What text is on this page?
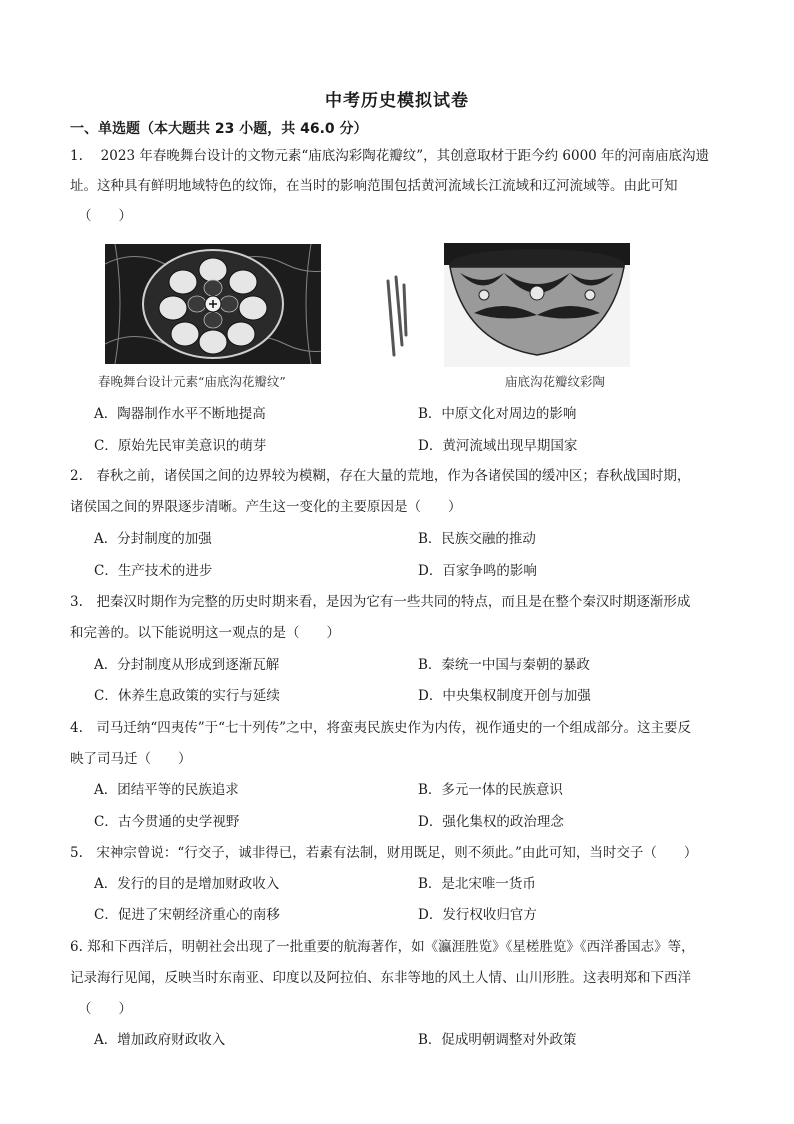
中考历史模拟试卷
一、单选题（本大题共 23 小题，共 46.0 分）
1.　 2023 年春晚舞台设计的文物元素“庙底沟彩陶花瓣纹”，其创意取材于距今约 6000 年的河南庙底沟遗
址。这种具有鲜明地域特色的纹饰，在当时的影响范围包括黄河流域长江流域和辽河流域等。由此可知
（　　）
春晚舞台设计元素“庙底沟花瓣纹”	庙底沟花瓣纹彩陶
A．陶器制作水平不断地提高	B．中原文化对周边的影响
C．原始先民审美意识的萌芽	D．黄河流域出现早期国家
2.　春秋之前，诸侯国之间的边界较为模糊，存在大量的荒地，作为各诸侯国的缓冲区；春秋战国时期，
诸侯国之间的界限逐步清晰。产生这一变化的主要原因是（　　）
A．分封制度的加强	B．民族交融的推动
C．生产技术的进步	D．百家争鸣的影响
3.　把秦汉时期作为完整的历史时期来看，是因为它有一些共同的特点，而且是在整个秦汉时期逐渐形成
和完善的。以下能说明这一观点的是（　　）
A．分封制度从形成到逐渐瓦解	B．秦统一中国与秦朝的暴政
C．休养生息政策的实行与延续	D．中央集权制度开创与加强
4.　司马迁纳“四夷传”于“七十列传”之中，将蛮夷民族史作为内传，视作通史的一个组成部分。这主要反
映了司马迁（　　）
A．团结平等的民族追求	B．多元一体的民族意识
C．古今贯通的史学视野	D．强化集权的政治理念
5.　宋神宗曾说：“行交子，诚非得已，若素有法制，财用既足，则不须此。”由此可知，当时交子（　　）
A．发行的目的是增加财政收入	B．是北宋唯一货币
C．促进了宋朝经济重心的南移	D．发行权收归官方
6. 郑和下西洋后，明朝社会出现了一批重要的航海著作，如《瀛涯胜览》《星槎胜览》《西洋番国志》等，
记录海行见闻，反映当时东南亚、印度以及阿拉伯、东非等地的风土人情、山川形胜。这表明郑和下西洋
（　　）
A．增加政府财政收入	B．促成明朝调整对外政策
